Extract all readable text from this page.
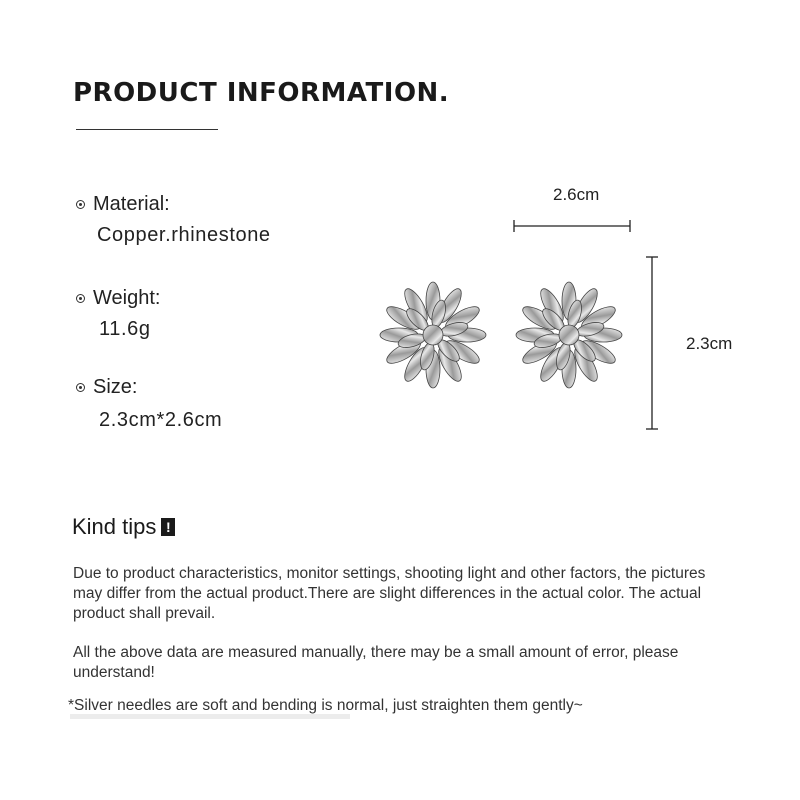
PRODUCT INFORMATION.
Material:
Copper.rhinestone
Weight:
11.6g
Size:
2.3cm*2.6cm
2.6cm
2.3cm
Kind tips !
Due to product characteristics, monitor settings, shooting light and other factors, the pictures may differ from the actual product.There are slight differences in the actual color. The actual product shall prevail.
All the above data are measured manually, there may be a small amount of error, please understand!
*Silver needles are soft and bending is normal, just straighten them gently~
